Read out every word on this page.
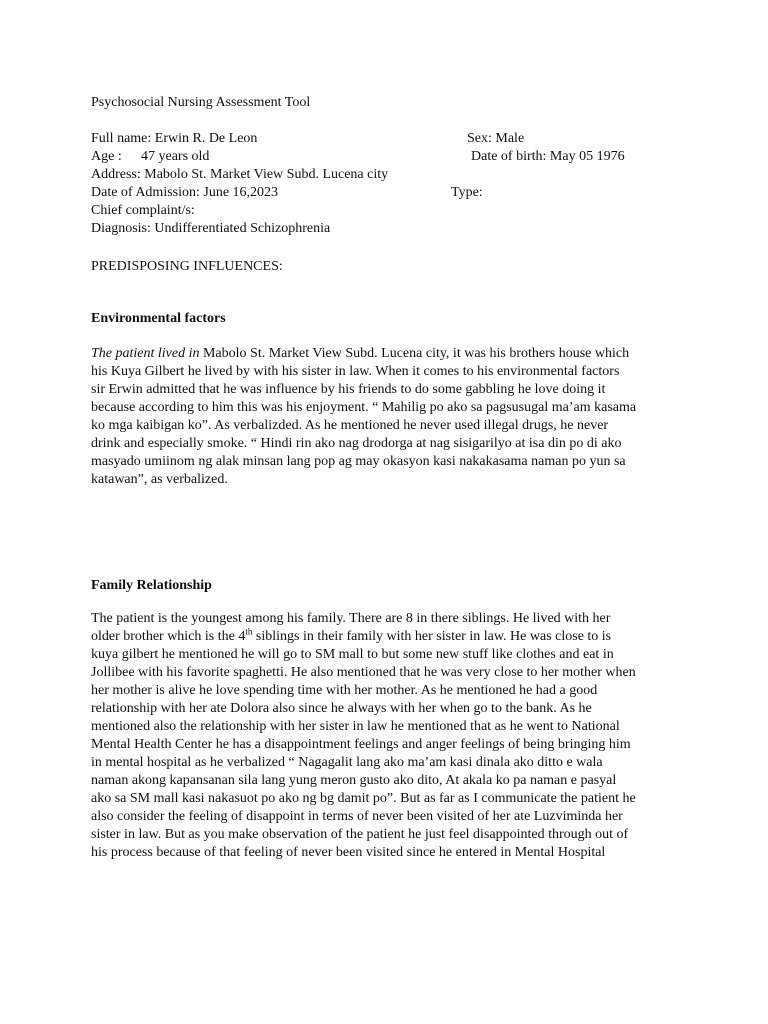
Psychosocial Nursing Assessment Tool
Full name: Erwin R. De Leon	Sex: Male
Age : 47 years old	Date of birth: May 05 1976
Address: Mabolo St. Market View Subd. Lucena city
Date of Admission: June 16,2023	Type:
Chief complaint/s:
Diagnosis: Undifferentiated Schizophrenia
PREDISPOSING INFLUENCES:
Environmental factors
The patient lived in Mabolo St. Market View Subd. Lucena city, it was his brothers house which
his Kuya Gilbert he lived by with his sister in law. When it comes to his environmental factors
sir Erwin admitted that he was influence by his friends to do some gabbling he love doing it
because according to him this was his enjoyment. “ Mahilig po ako sa pagsusugal ma’am kasama
ko mga kaibigan ko”. As verbalizded. As he mentioned he never used illegal drugs, he never
drink and especially smoke. “ Hindi rin ako nag drodorga at nag sisigarilyo at isa din po di ako
masyado umiinom ng alak minsan lang pop ag may okasyon kasi nakakasama naman po yun sa
katawan”, as verbalized.
Family Relationship
The patient is the youngest among his family. There are 8 in there siblings. He lived with her
older brother which is the 4th siblings in their family with her sister in law. He was close to is
kuya gilbert he mentioned he will go to SM mall to but some new stuff like clothes and eat in
Jollibee with his favorite spaghetti. He also mentioned that he was very close to her mother when
her mother is alive he love spending time with her mother. As he mentioned he had a good
relationship with her ate Dolora also since he always with her when go to the bank. As he
mentioned also the relationship with her sister in law he mentioned that as he went to National
Mental Health Center he has a disappointment feelings and anger feelings of being bringing him
in mental hospital as he verbalized “ Nagagalit lang ako ma’am kasi dinala ako ditto e wala
naman akong kapansanan sila lang yung meron gusto ako dito, At akala ko pa naman e pasyal
ako sa SM mall kasi nakasuot po ako ng bg damit po”. But as far as I communicate the patient he
also consider the feeling of disappoint in terms of never been visited of her ate Luzviminda her
sister in law. But as you make observation of the patient he just feel disappointed through out of
his process because of that feeling of never been visited since he entered in Mental Hospital
